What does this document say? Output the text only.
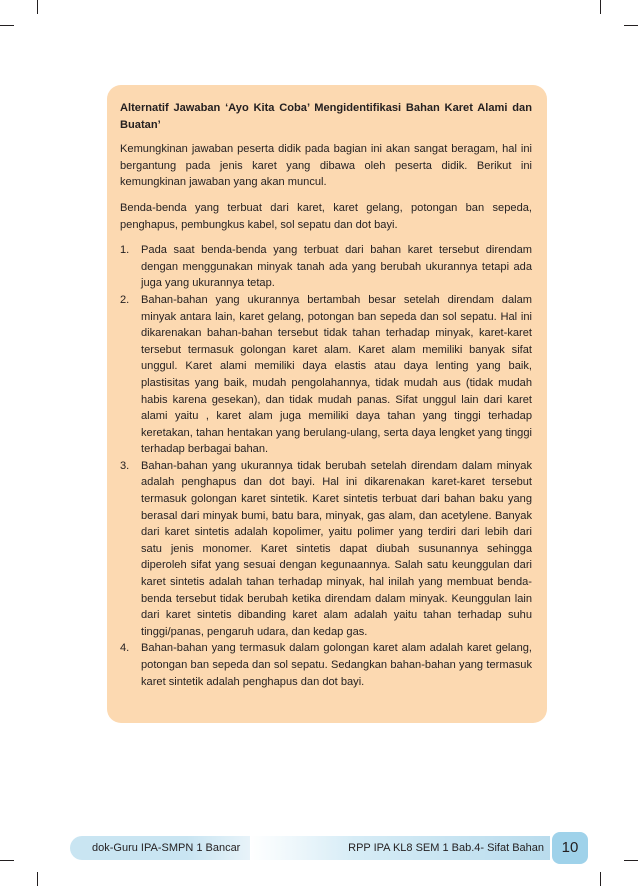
Alternatif Jawaban ‘Ayo Kita Coba’ Mengidentifikasi Bahan Karet Alami dan Buatan’

Kemungkinan jawaban peserta didik pada bagian ini akan sangat beragam, hal ini bergantung pada jenis karet yang dibawa oleh peserta didik. Berikut ini kemungkinan jawaban yang akan muncul.

Benda-benda yang terbuat dari karet, karet gelang, potongan ban sepeda, penghapus, pembungkus kabel, sol sepatu dan dot bayi.

1. Pada saat benda-benda yang terbuat dari bahan karet tersebut direndam dengan menggunakan minyak tanah ada yang berubah ukurannya tetapi ada juga yang ukurannya tetap.
2. Bahan-bahan yang ukurannya bertambah besar setelah direndam dalam minyak antara lain, karet gelang, potongan ban sepeda dan sol sepatu. Hal ini dikarenakan bahan-bahan tersebut tidak tahan terhadap minyak, karet-karet tersebut termasuk golongan karet alam. Karet alam memiliki banyak sifat unggul. Karet alami memiliki daya elastis atau daya lenting yang baik, plastisitas yang baik, mudah pengolahannya, tidak mudah aus (tidak mudah habis karena gesekan), dan tidak mudah panas. Sifat unggul lain dari karet alami yaitu , karet alam juga memiliki daya tahan yang tinggi terhadap keretakan, tahan hentakan yang berulang-ulang, serta daya lengket yang tinggi terhadap berbagai bahan.
3. Bahan-bahan yang ukurannya tidak berubah setelah direndam dalam minyak adalah penghapus dan dot bayi. Hal ini dikarenakan karet-karet tersebut termasuk golongan karet sintetik. Karet sintetis terbuat dari bahan baku yang berasal dari minyak bumi, batu bara, minyak, gas alam, dan acetylene. Banyak dari karet sintetis adalah kopolimer, yaitu polimer yang terdiri dari lebih dari satu jenis monomer. Karet sintetis dapat diubah susunannya sehingga diperoleh sifat yang sesuai dengan kegunaannya. Salah satu keunggulan dari karet sintetis adalah tahan terhadap minyak, hal inilah yang membuat benda-benda tersebut tidak berubah ketika direndam dalam minyak. Keunggulan lain dari karet sintetis dibanding karet alam adalah yaitu tahan terhadap suhu tinggi/panas, pengaruh udara, dan kedap gas.
4. Bahan-bahan yang termasuk dalam golongan karet alam adalah karet gelang, potongan ban sepeda dan sol sepatu. Sedangkan bahan-bahan yang termasuk karet sintetik adalah penghapus dan dot bayi.
dok-Guru IPA-SMPN 1 Bancar	RPP IPA KL8 SEM 1 Bab.4- Sifat Bahan	10
